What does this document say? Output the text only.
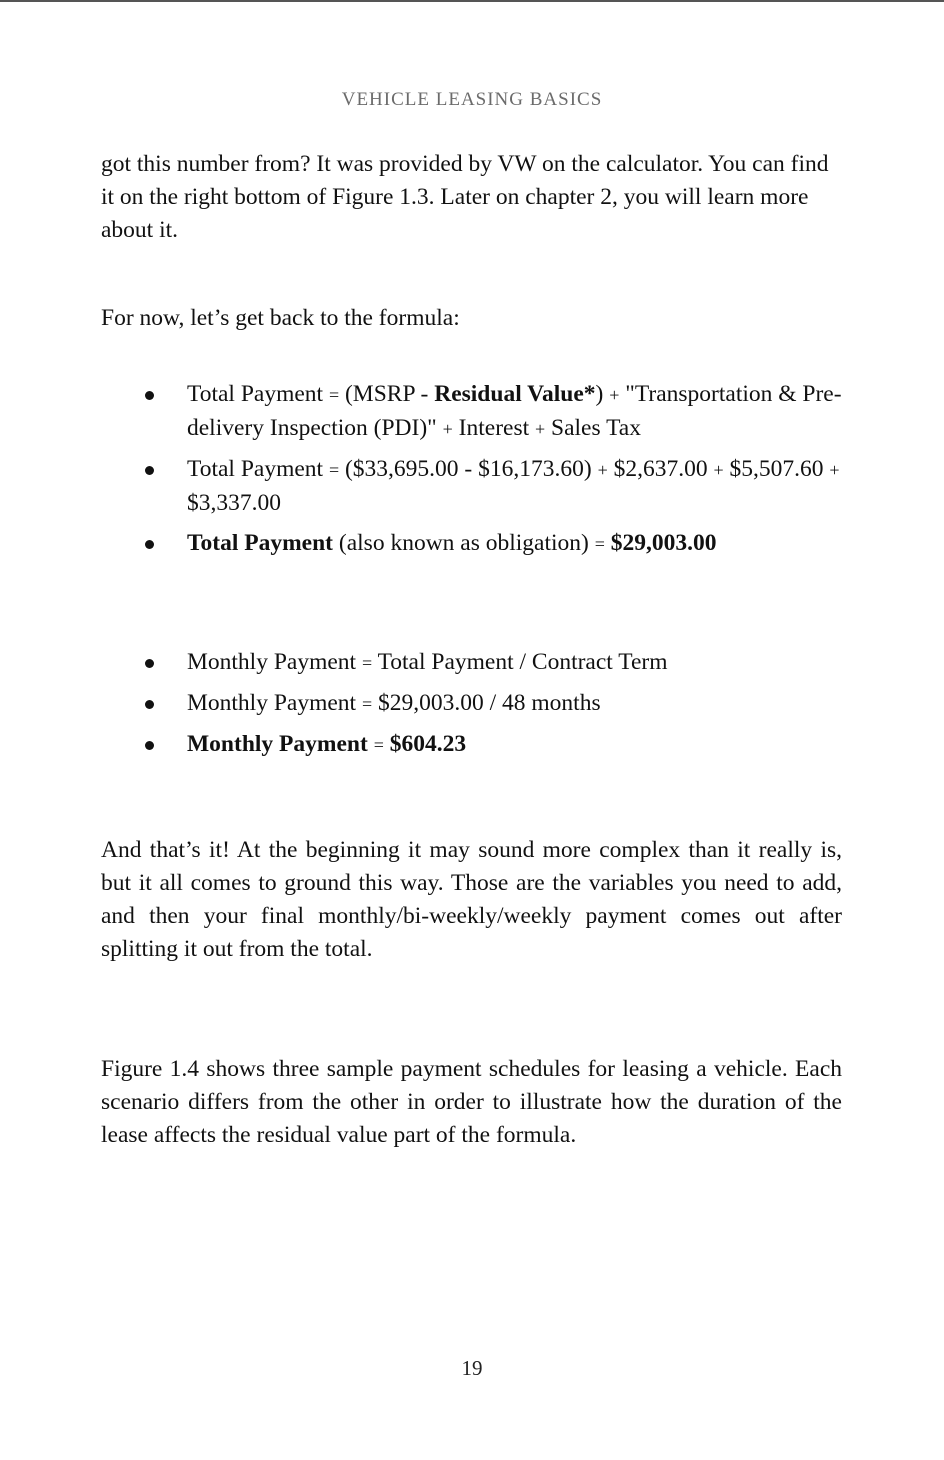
VEHICLE LEASING BASICS

got this number from? It was provided by VW on the calculator. You can find it on the right bottom of Figure 1.3. Later on chapter 2, you will learn more about it.

For now, let’s get back to the formula:

Total Payment = (MSRP - Residual Value*) + "Transportation & Pre-delivery Inspection (PDI)" + Interest + Sales Tax
Total Payment = ($33,695.00 - $16,173.60) + $2,637.00 + $5,507.60 + $3,337.00
Total Payment (also known as obligation) = $29,003.00
Monthly Payment = Total Payment / Contract Term
Monthly Payment = $29,003.00 / 48 months
Monthly Payment = $604.23

And that’s it! At the beginning it may sound more complex than it really is, but it all comes to ground this way. Those are the variables you need to add, and then your final monthly/bi-weekly/weekly payment comes out after splitting it out from the total.

Figure 1.4 shows three sample payment schedules for leasing a vehicle. Each scenario differs from the other in order to illustrate how the duration of the lease affects the residual value part of the formula.

19
